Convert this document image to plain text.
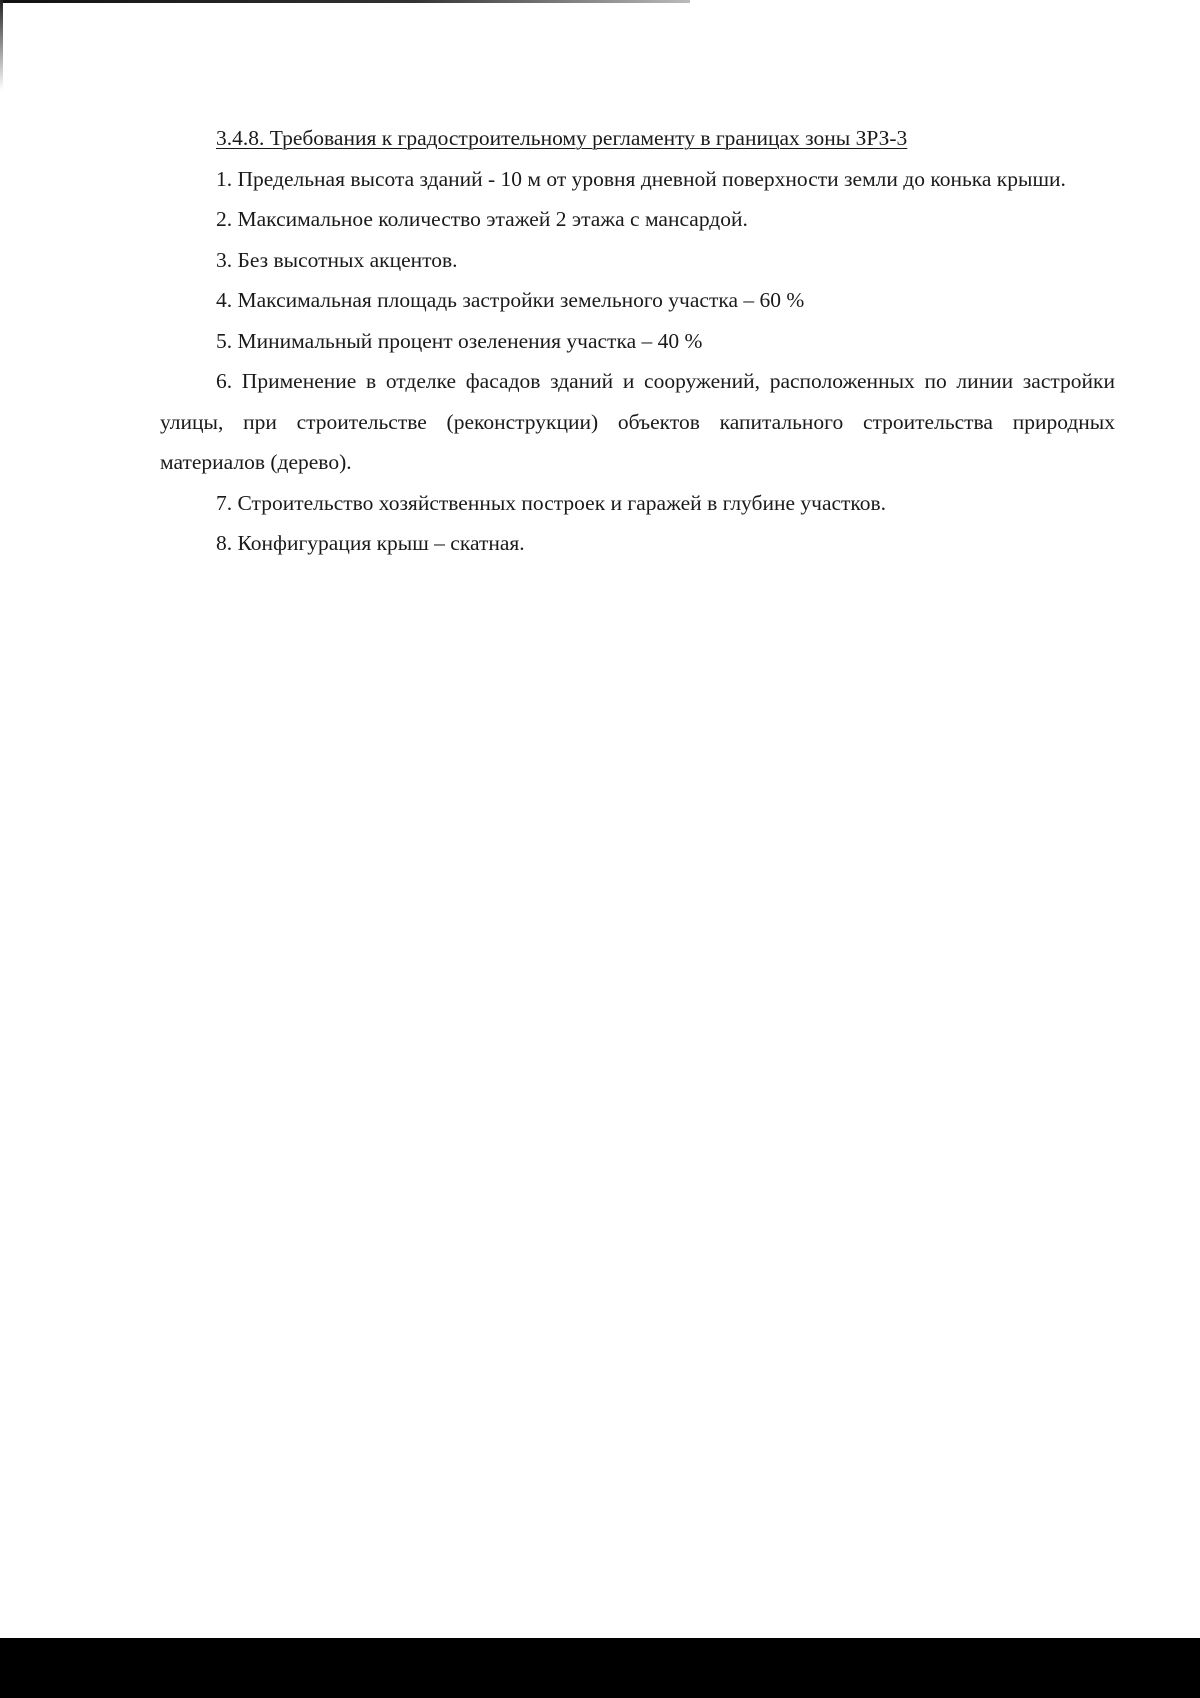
3.4.8. Требования к градостроительному регламенту в границах зоны ЗРЗ-3

1. Предельная высота зданий - 10 м от уровня дневной поверхности земли до конька крыши.

2. Максимальное количество этажей 2 этажа с мансардой.

3. Без высотных акцентов.

4. Максимальная площадь застройки земельного участка – 60 %

5. Минимальный процент озеленения участка – 40 %

6. Применение в отделке фасадов зданий и сооружений, расположенных по линии застройки улицы, при строительстве (реконструкции) объектов капитального строительства природных материалов (дерево).

7. Строительство хозяйственных построек и гаражей в глубине участков.

8. Конфигурация крыш – скатная.
